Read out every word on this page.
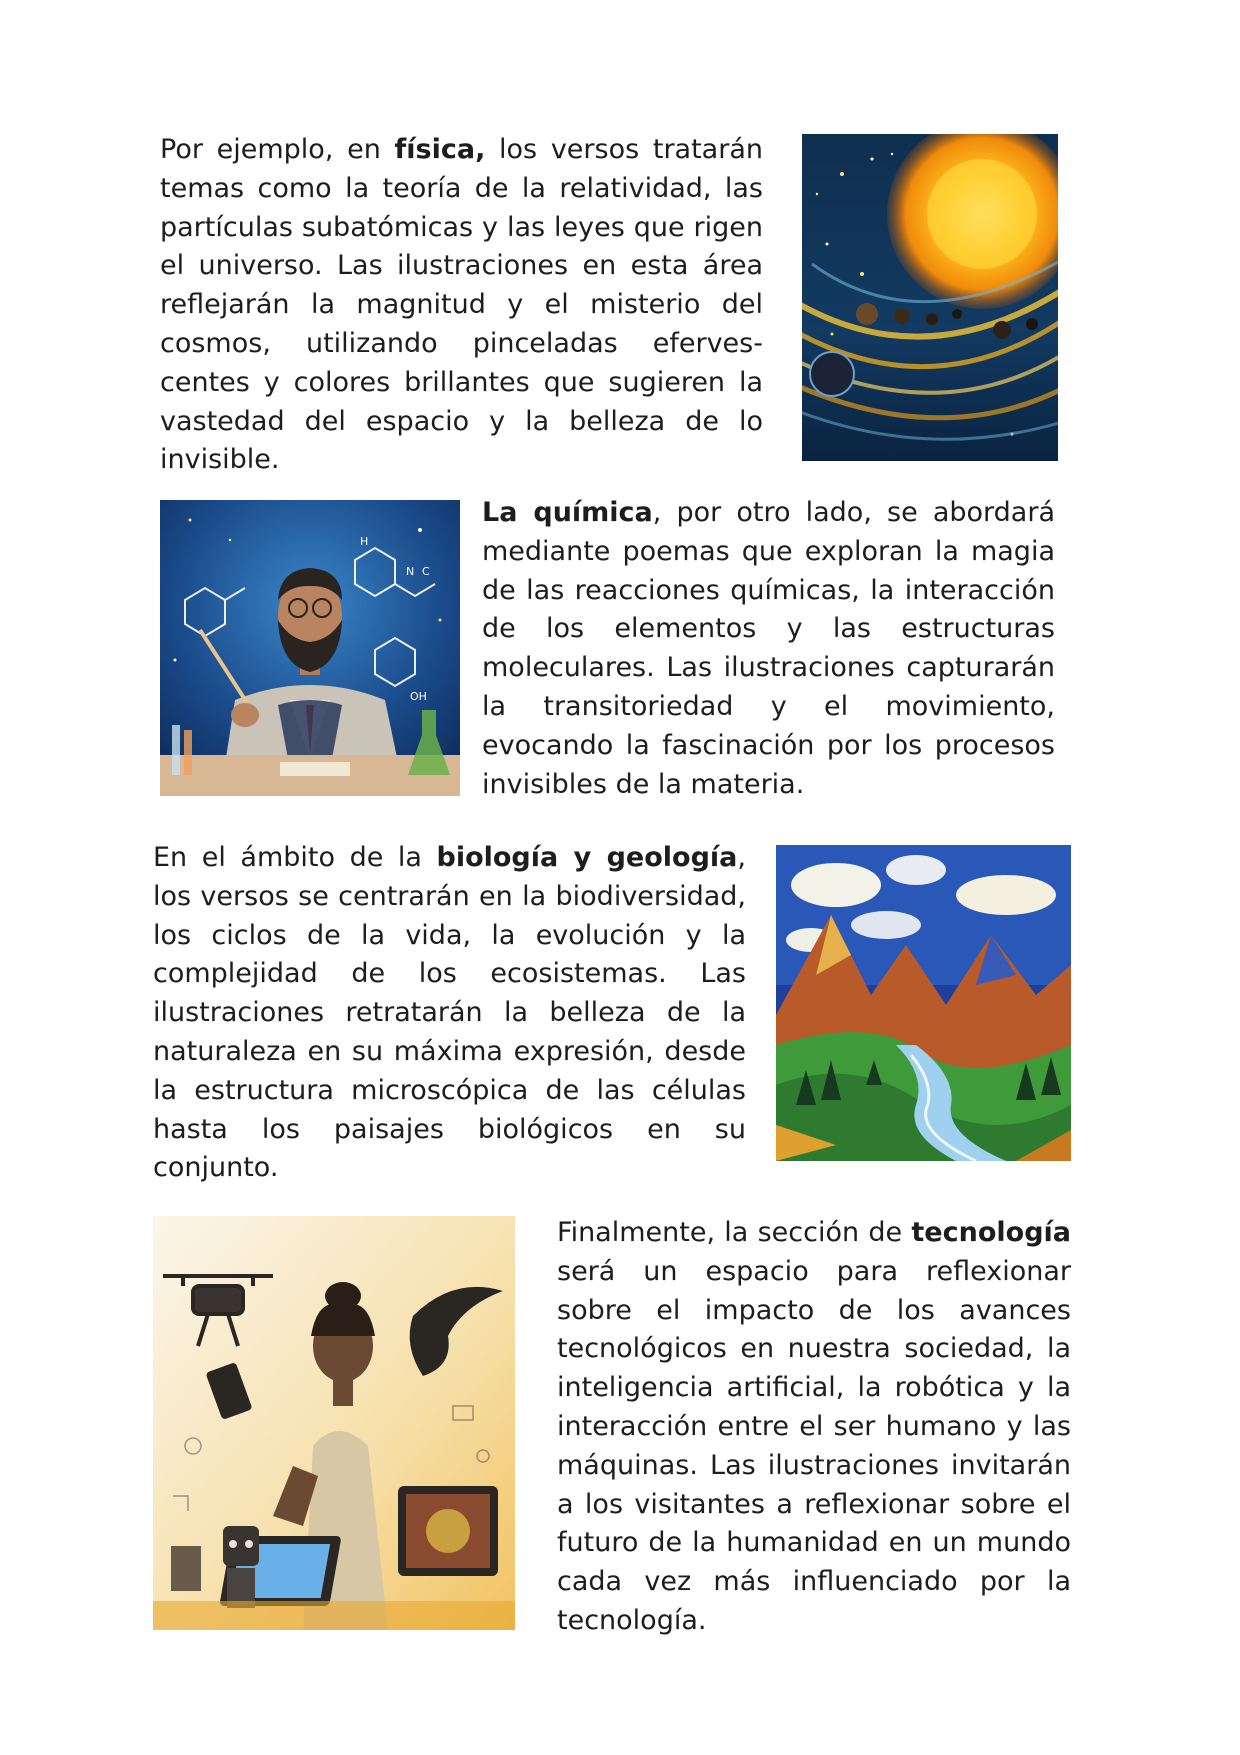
Por ejemplo, en física, los versos tratarán temas como la teoría de la relatividad, las partículas subatómicas y las leyes que rigen el universo. Las ilustraciones en esta área reflejarán la magnitud y el misterio del cosmos, utilizando pinceladas efervescentes y colores brillantes que sugieren la vastedad del espacio y la belleza de lo invisible.

H
N C
OH

La química, por otro lado, se abordará mediante poemas que exploran la magia de las reacciones químicas, la interacción de los elementos y las estructuras moleculares. Las ilustraciones capturarán la transitoriedad y el movimiento, evocando la fascinación por los procesos invisibles de la materia.

En el ámbito de la biología y geología, los versos se centrarán en la biodiversidad, los ciclos de la vida, la evolución y la complejidad de los ecosistemas. Las ilustraciones retratarán la belleza de la naturaleza en su máxima expresión, desde la estructura microscópica de las células hasta los paisajes biológicos en su conjunto.

Finalmente, la sección de tecnología será un espacio para reflexionar sobre el impacto de los avances tecnológicos en nuestra sociedad, la inteligencia artificial, la robótica y la interacción entre el ser humano y las máquinas. Las ilustraciones invitarán a los visitantes a reflexionar sobre el futuro de la humanidad en un mundo cada vez más influenciado por la tecnología.
